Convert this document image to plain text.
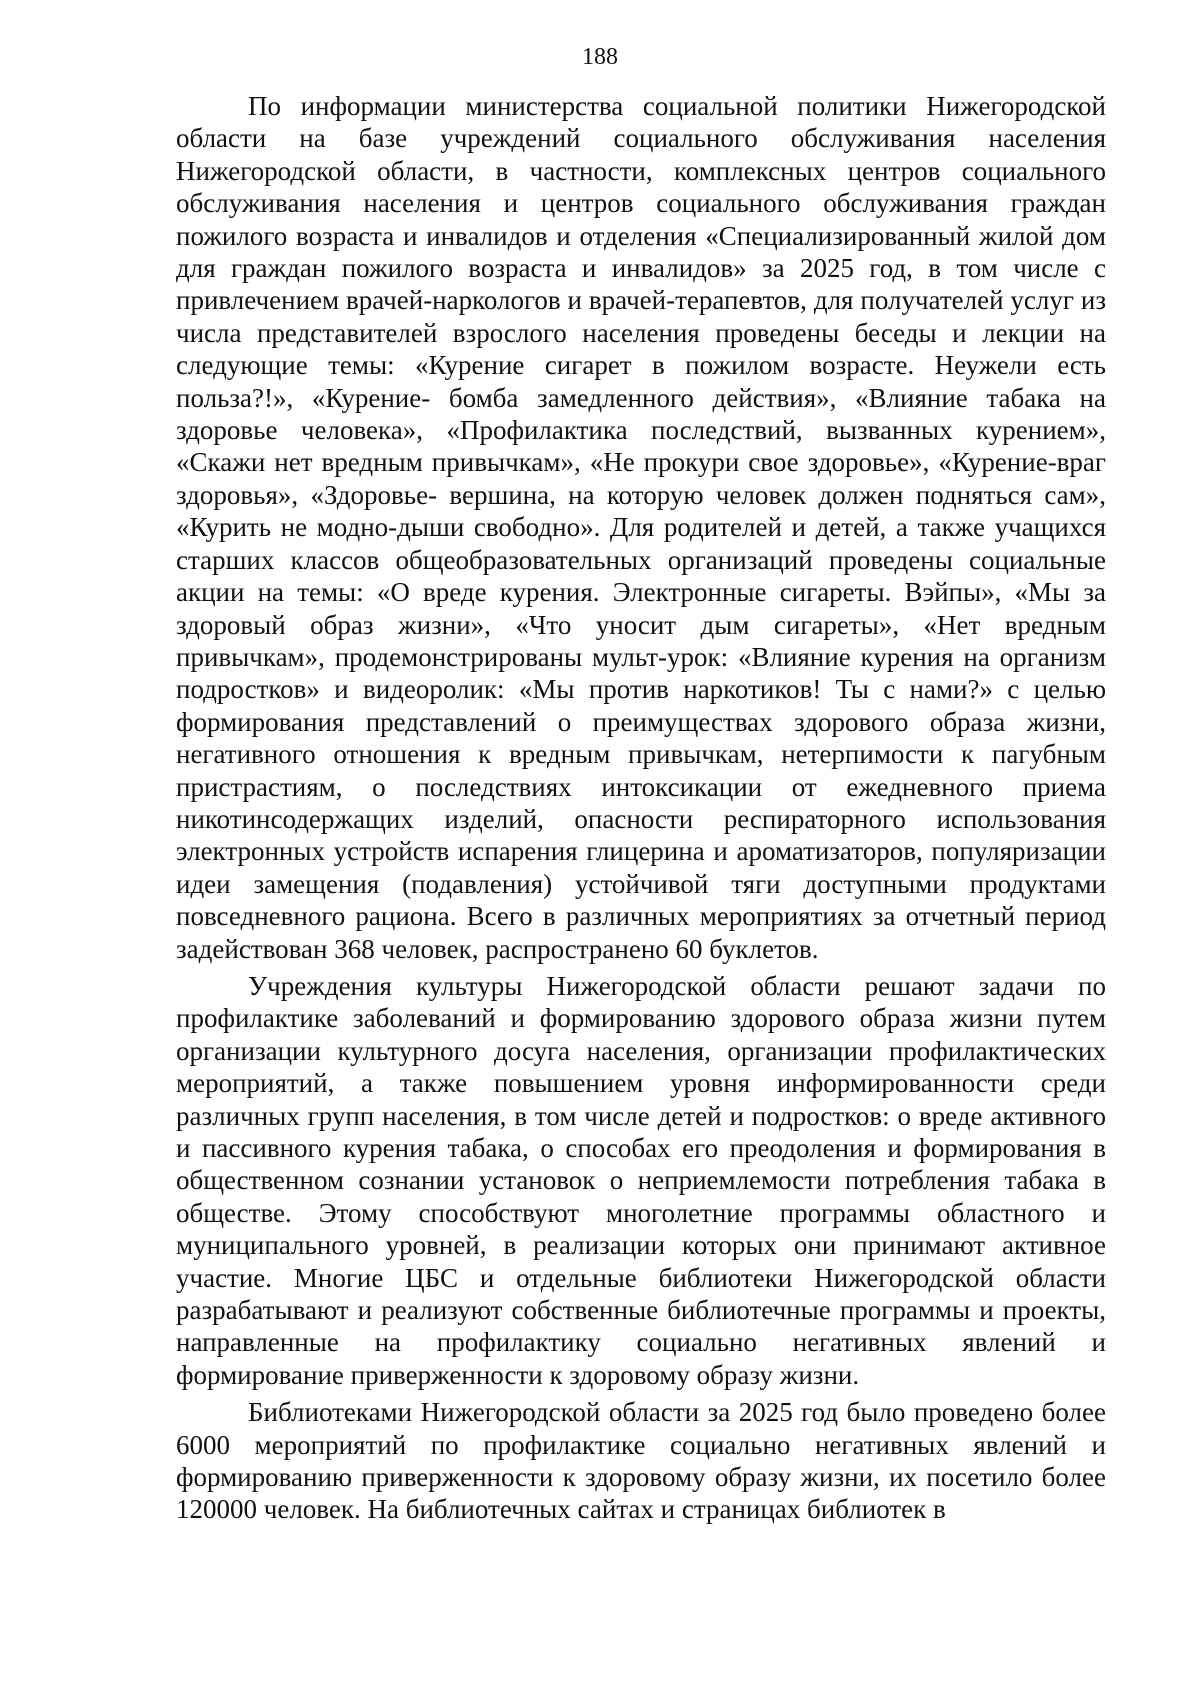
188

По информации министерства социальной политики Нижегородской области на базе учреждений социального обслуживания населения Нижегородской области, в частности, комплексных центров социального обслуживания населения и центров социального обслуживания граждан пожилого возраста и инвалидов и отделения «Специализированный жилой дом для граждан пожилого возраста и инвалидов» за 2025 год, в том числе с привлечением врачей-наркологов и врачей-терапевтов, для получателей услуг из числа представителей взрослого населения проведены беседы и лекции на следующие темы: «Курение сигарет в пожилом возрасте. Неужели есть польза?!», «Курение- бомба замедленного действия», «Влияние табака на здоровье человека», «Профилактика последствий, вызванных курением», «Скажи нет вредным привычкам», «Не прокури свое здоровье», «Курение-враг здоровья», «Здоровье- вершина, на которую человек должен подняться сам», «Курить не модно-дыши свободно». Для родителей и детей, а также учащихся старших классов общеобразовательных организаций проведены социальные акции на темы: «О вреде курения. Электронные сигареты. Вэйпы», «Мы за здоровый образ жизни», «Что уносит дым сигареты», «Нет вредным привычкам», продемонстрированы мульт-урок: «Влияние курения на организм подростков» и видеоролик: «Мы против наркотиков! Ты с нами?» с целью формирования представлений о преимуществах здорового образа жизни, негативного отношения к вредным привычкам, нетерпимости к пагубным пристрастиям, о последствиях интоксикации от ежедневного приема никотинсодержащих изделий, опасности респираторного использования электронных устройств испарения глицерина и ароматизаторов, популяризации идеи замещения (подавления) устойчивой тяги доступными продуктами повседневного рациона. Всего в различных мероприятиях за отчетный период задействован 368 человек, распространено 60 буклетов.

Учреждения культуры Нижегородской области решают задачи по профилактике заболеваний и формированию здорового образа жизни путем организации культурного досуга населения, организации профилактических мероприятий, а также повышением уровня информированности среди различных групп населения, в том числе детей и подростков: о вреде активного и пассивного курения табака, о способах его преодоления и формирования в общественном сознании установок о неприемлемости потребления табака в обществе. Этому способствуют многолетние программы областного и муниципального уровней, в реализации которых они принимают активное участие. Многие ЦБС и отдельные библиотеки Нижегородской области разрабатывают и реализуют собственные библиотечные программы и проекты, направленные на профилактику социально негативных явлений и формирование приверженности к здоровому образу жизни.

Библиотеками Нижегородской области за 2025 год было проведено более 6000 мероприятий по профилактике социально негативных явлений и формированию приверженности к здоровому образу жизни, их посетило более 120000 человек. На библиотечных сайтах и страницах библиотек в
